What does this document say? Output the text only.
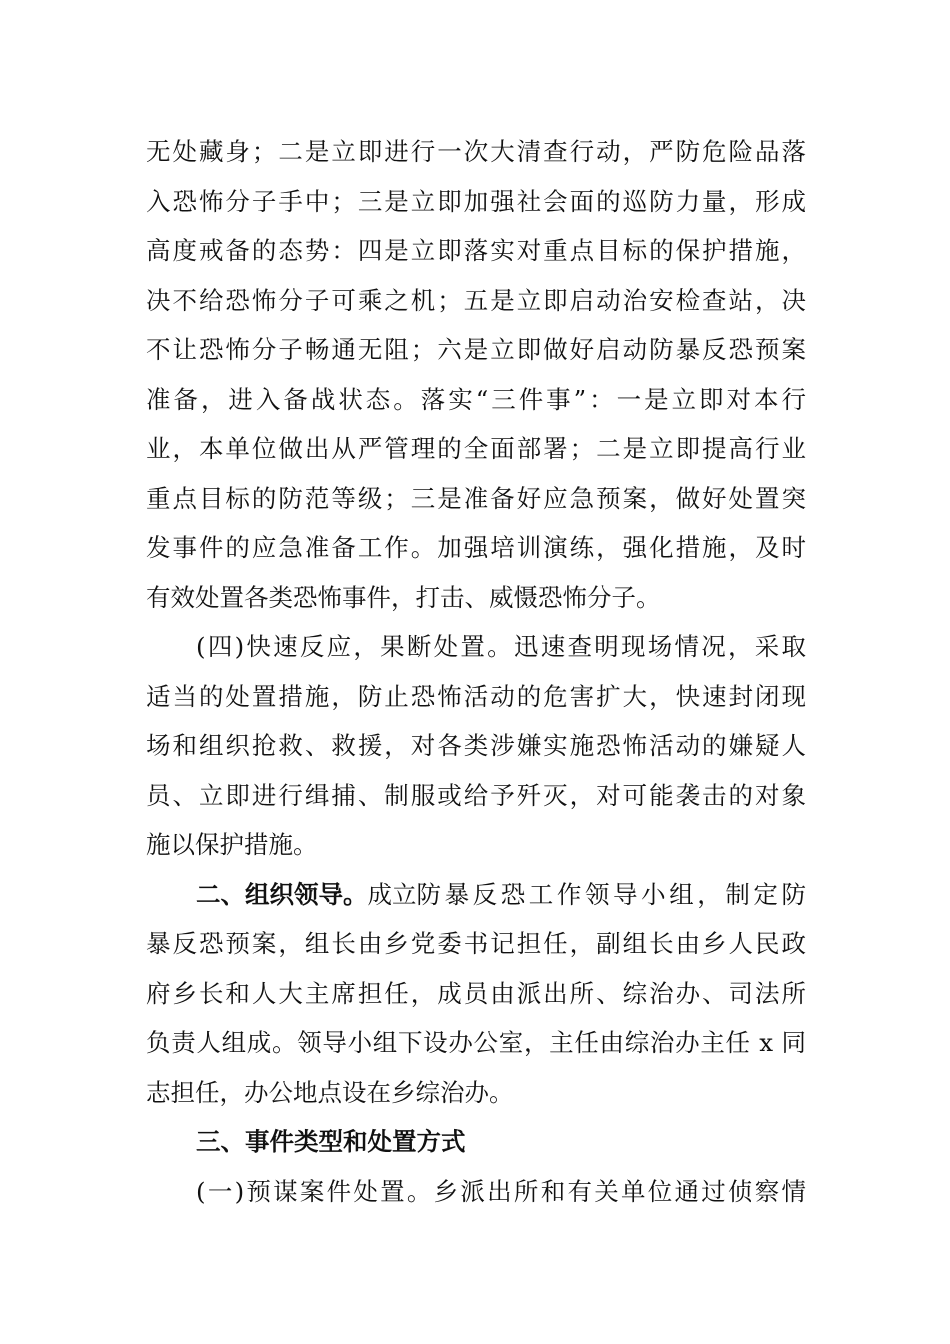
无处藏身；二是立即进行一次大清查行动，严防危险品落
入恐怖分子手中；三是立即加强社会面的巡防力量，形成
高度戒备的态势：四是立即落实对重点目标的保护措施，
决不给恐怖分子可乘之机；五是立即启动治安检查站，决
不让恐怖分子畅通无阻；六是立即做好启动防暴反恐预案
准备，进入备战状态。落实“三件事”：一是立即对本行
业，本单位做出从严管理的全面部署；二是立即提高行业
重点目标的防范等级；三是准备好应急预案，做好处置突
发事件的应急准备工作。加强培训演练，强化措施，及时
有效处置各类恐怖事件，打击、威慑恐怖分子。
(四)快速反应，果断处置。迅速查明现场情况，采取
适当的处置措施，防止恐怖活动的危害扩大，快速封闭现
场和组织抢救、救援，对各类涉嫌实施恐怖活动的嫌疑人
员、立即进行缉捕、制服或给予歼灭，对可能袭击的对象
施以保护措施。
二、组织领导。 成立 防暴反恐工作领导小组，制定防
暴反恐预案，组长由乡党委书记担任，副组长由乡人民政
府乡长和人大主席担任，成员由派出所、综治办、司法所
负责人组成。领导小组下设办公室，主任由综治办主任 x 同
志担任，办公地点设在乡综治办。
三、事件类型和处置方式
(一)预谋案件处置。乡派出所和有关单位通过侦察情
